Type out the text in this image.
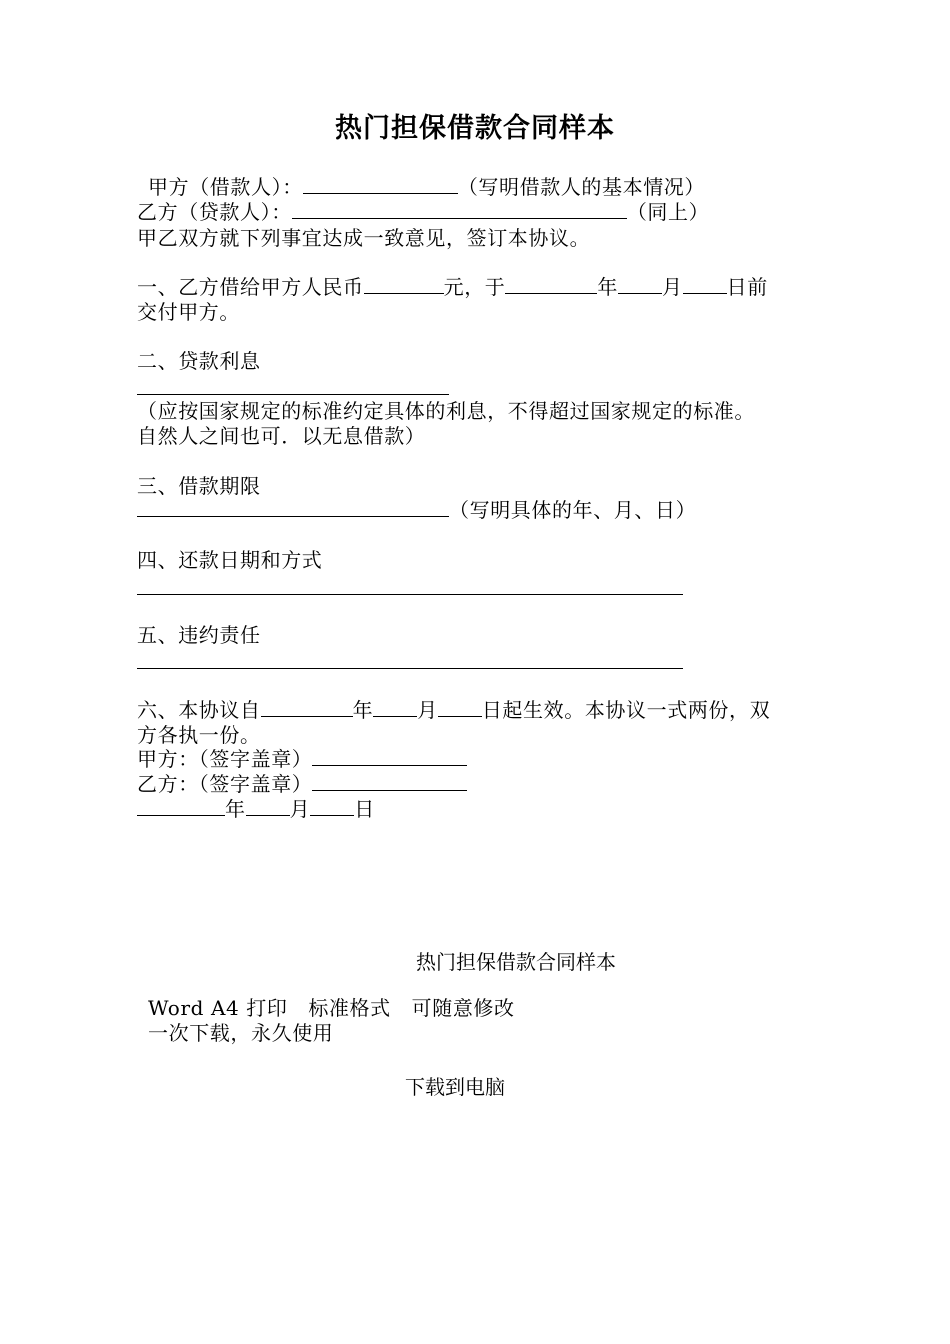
热门担保借款合同样本
甲方（借款人）：	（写明借款人的基本情况）
乙方（贷款人）：	（同上）
甲乙双方就下列事宜达成一致意见，签订本协议。
一、乙方借给甲方人民币	元，于	年 月 日前
交付甲方。
二、贷款利息
（应按国家规定的标准约定具体的利息，不得超过国家规定的标准。
自然人之间也可．以无息借款）
三、借款期限
（写明具体的年、月、日）
四、还款日期和方式
五、违约责任
六、本协议自	年 月 日起生效。本协议一式两份，双
方各执一份。
甲方：（签字盖章）
乙方：（签字盖章）
年 月 日
热门担保借款合同样本
Word A4 打印   标准格式   可随意修改
一次下载，永久使用
下载到电脑
